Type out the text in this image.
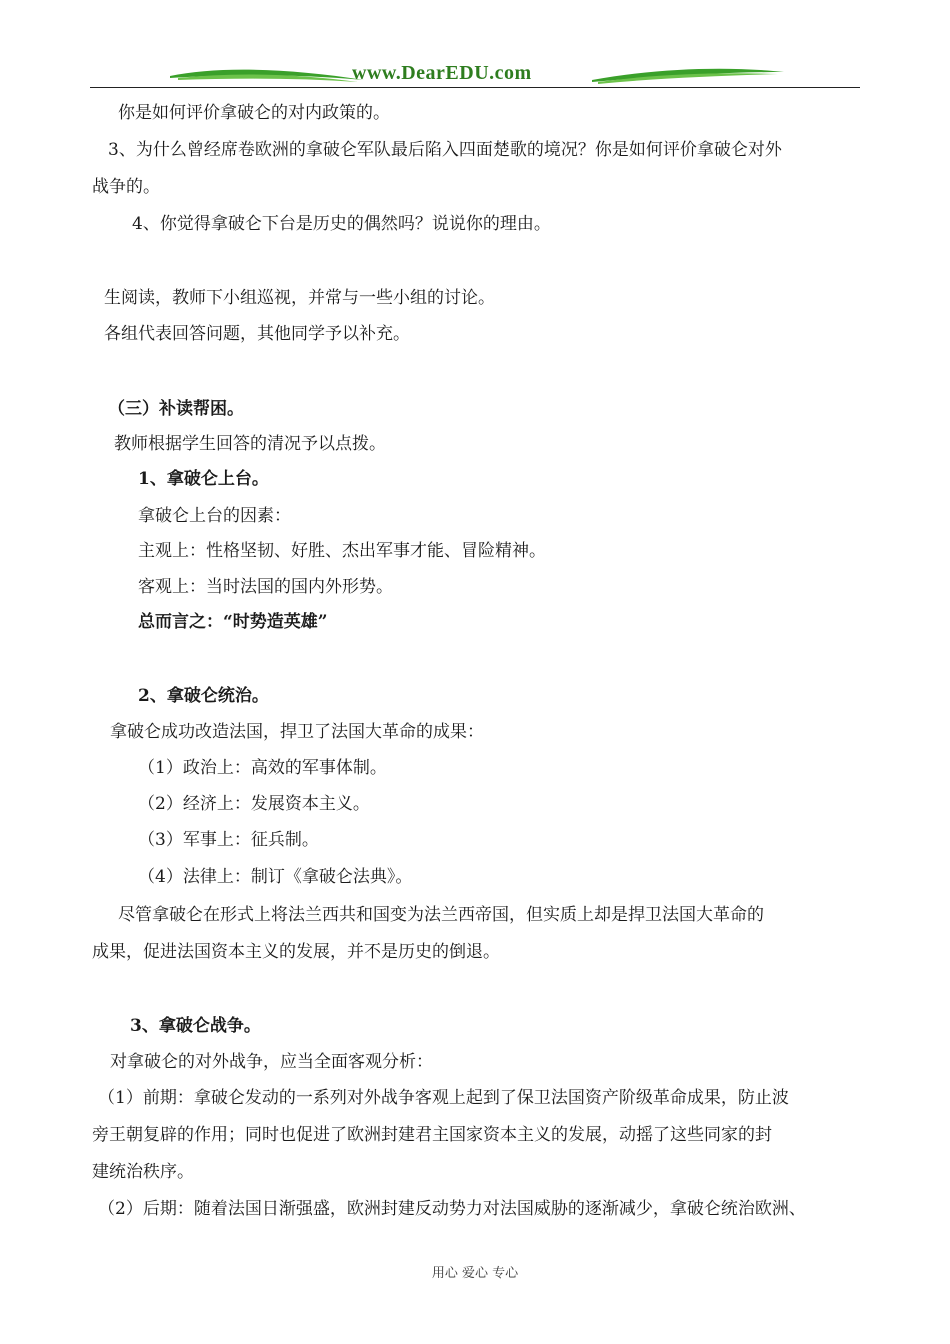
www.DearEDU.com
你是如何评价拿破仑的对内政策的。
3、为什么曾经席卷欧洲的拿破仑军队最后陷入四面楚歌的境况？你是如何评价拿破仑对外
战争的。
4、你觉得拿破仑下台是历史的偶然吗？说说你的理由。
生阅读，教师下小组巡视，并常与一些小组的讨论。
各组代表回答问题，其他同学予以补充。
（三）补读帮困。
教师根据学生回答的清况予以点拨。
1、拿破仑上台。
拿破仑上台的因素：
主观上：性格坚韧、好胜、杰出军事才能、冒险精神。
客观上：当时法国的国内外形势。
总而言之：“时势造英雄”
2、拿破仑统治。
拿破仑成功改造法国，捍卫了法国大革命的成果：
（1）政治上：高效的军事体制。
（2）经济上：发展资本主义。
（3）军事上：征兵制。
（4）法律上：制订《拿破仑法典》。
尽管拿破仑在形式上将法兰西共和国变为法兰西帝国，但实质上却是捍卫法国大革命的
成果，促进法国资本主义的发展，并不是历史的倒退。
3、拿破仑战争。
对拿破仑的对外战争，应当全面客观分析：
（1）前期：拿破仑发动的一系列对外战争客观上起到了保卫法国资产阶级革命成果，防止波
旁王朝复辟的作用；同时也促进了欧洲封建君主国家资本主义的发展，动摇了这些同家的封
建统治秩序。
（2）后期：随着法国日渐强盛，欧洲封建反动势力对法国威胁的逐渐减少，拿破仑统治欧洲、
用心 爱心 专心
